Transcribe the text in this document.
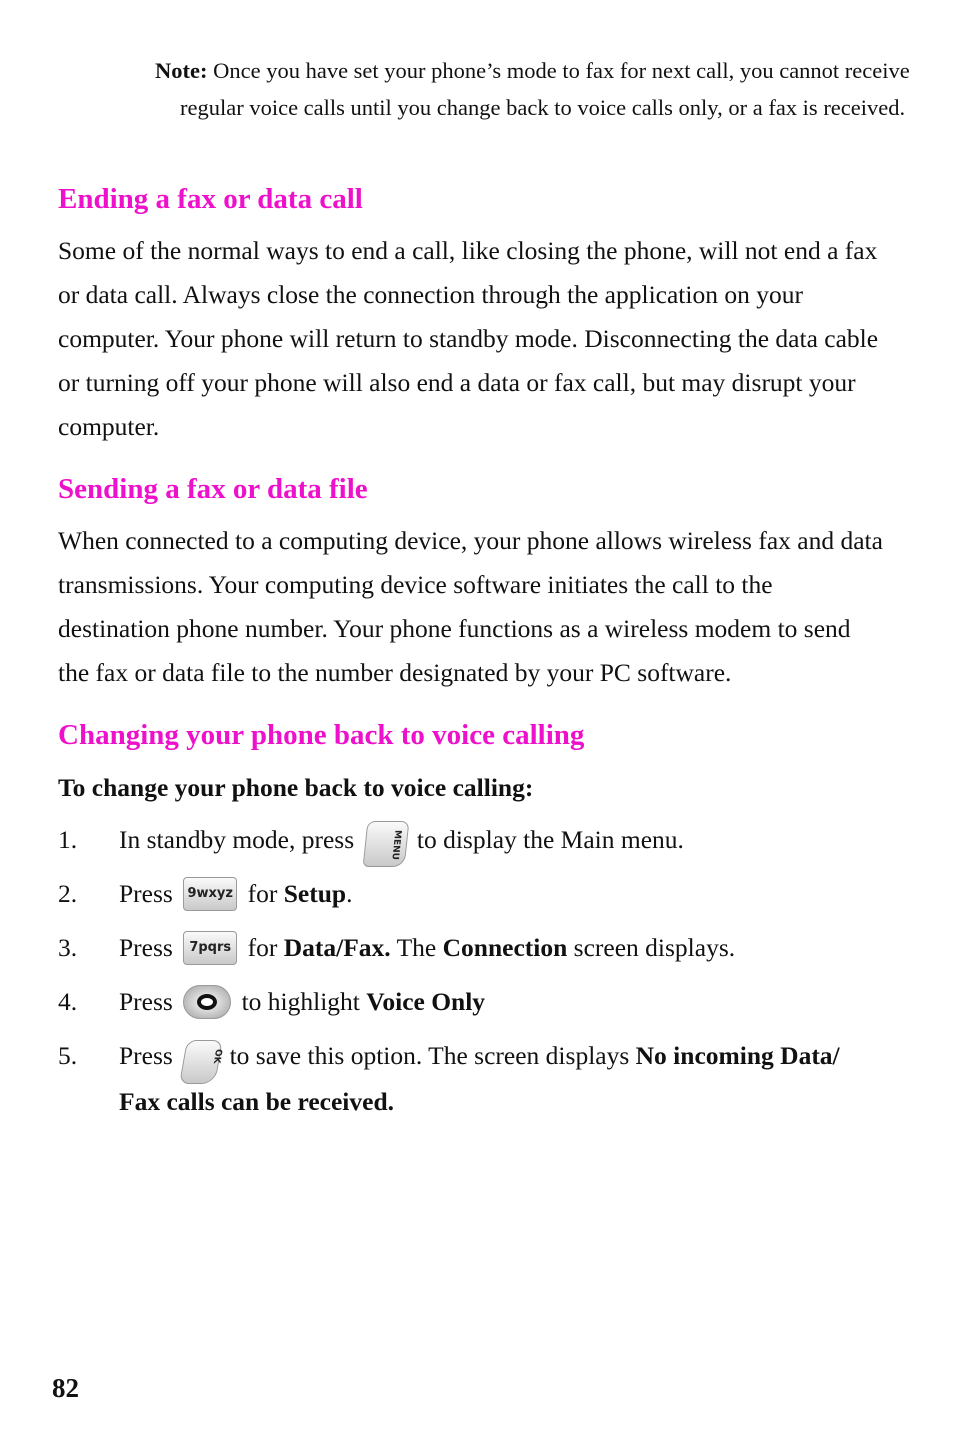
Note: Once you have set your phone’s mode to fax for next call, you cannot receive regular voice calls until you change back to voice calls only, or a fax is received.
Ending a fax or data call

Some of the normal ways to end a call, like closing the phone, will not end a fax or data call. Always close the connection through the application on your computer. Your phone will return to standby mode. Disconnecting the data cable or turning off your phone will also end a data or fax call, but may disrupt your computer.

Sending a fax or data file

When connected to a computing device, your phone allows wireless fax and data transmissions. Your computing device software initiates the call to the destination phone number. Your phone functions as a wireless modem to send the fax or data file to the number designated by your PC software.

Changing your phone back to voice calling

To change your phone back to voice calling:

1. In standby mode, press	MENU to display the Main menu.
2. Press 9wxyz for Setup.
3. Press 7pqrs for Data/Fax. The Connection screen displays.
4. Press	to highlight Voice Only
5. Press	OK to save this option. The screen displays No incoming Data/ Fax calls can be received.
82
